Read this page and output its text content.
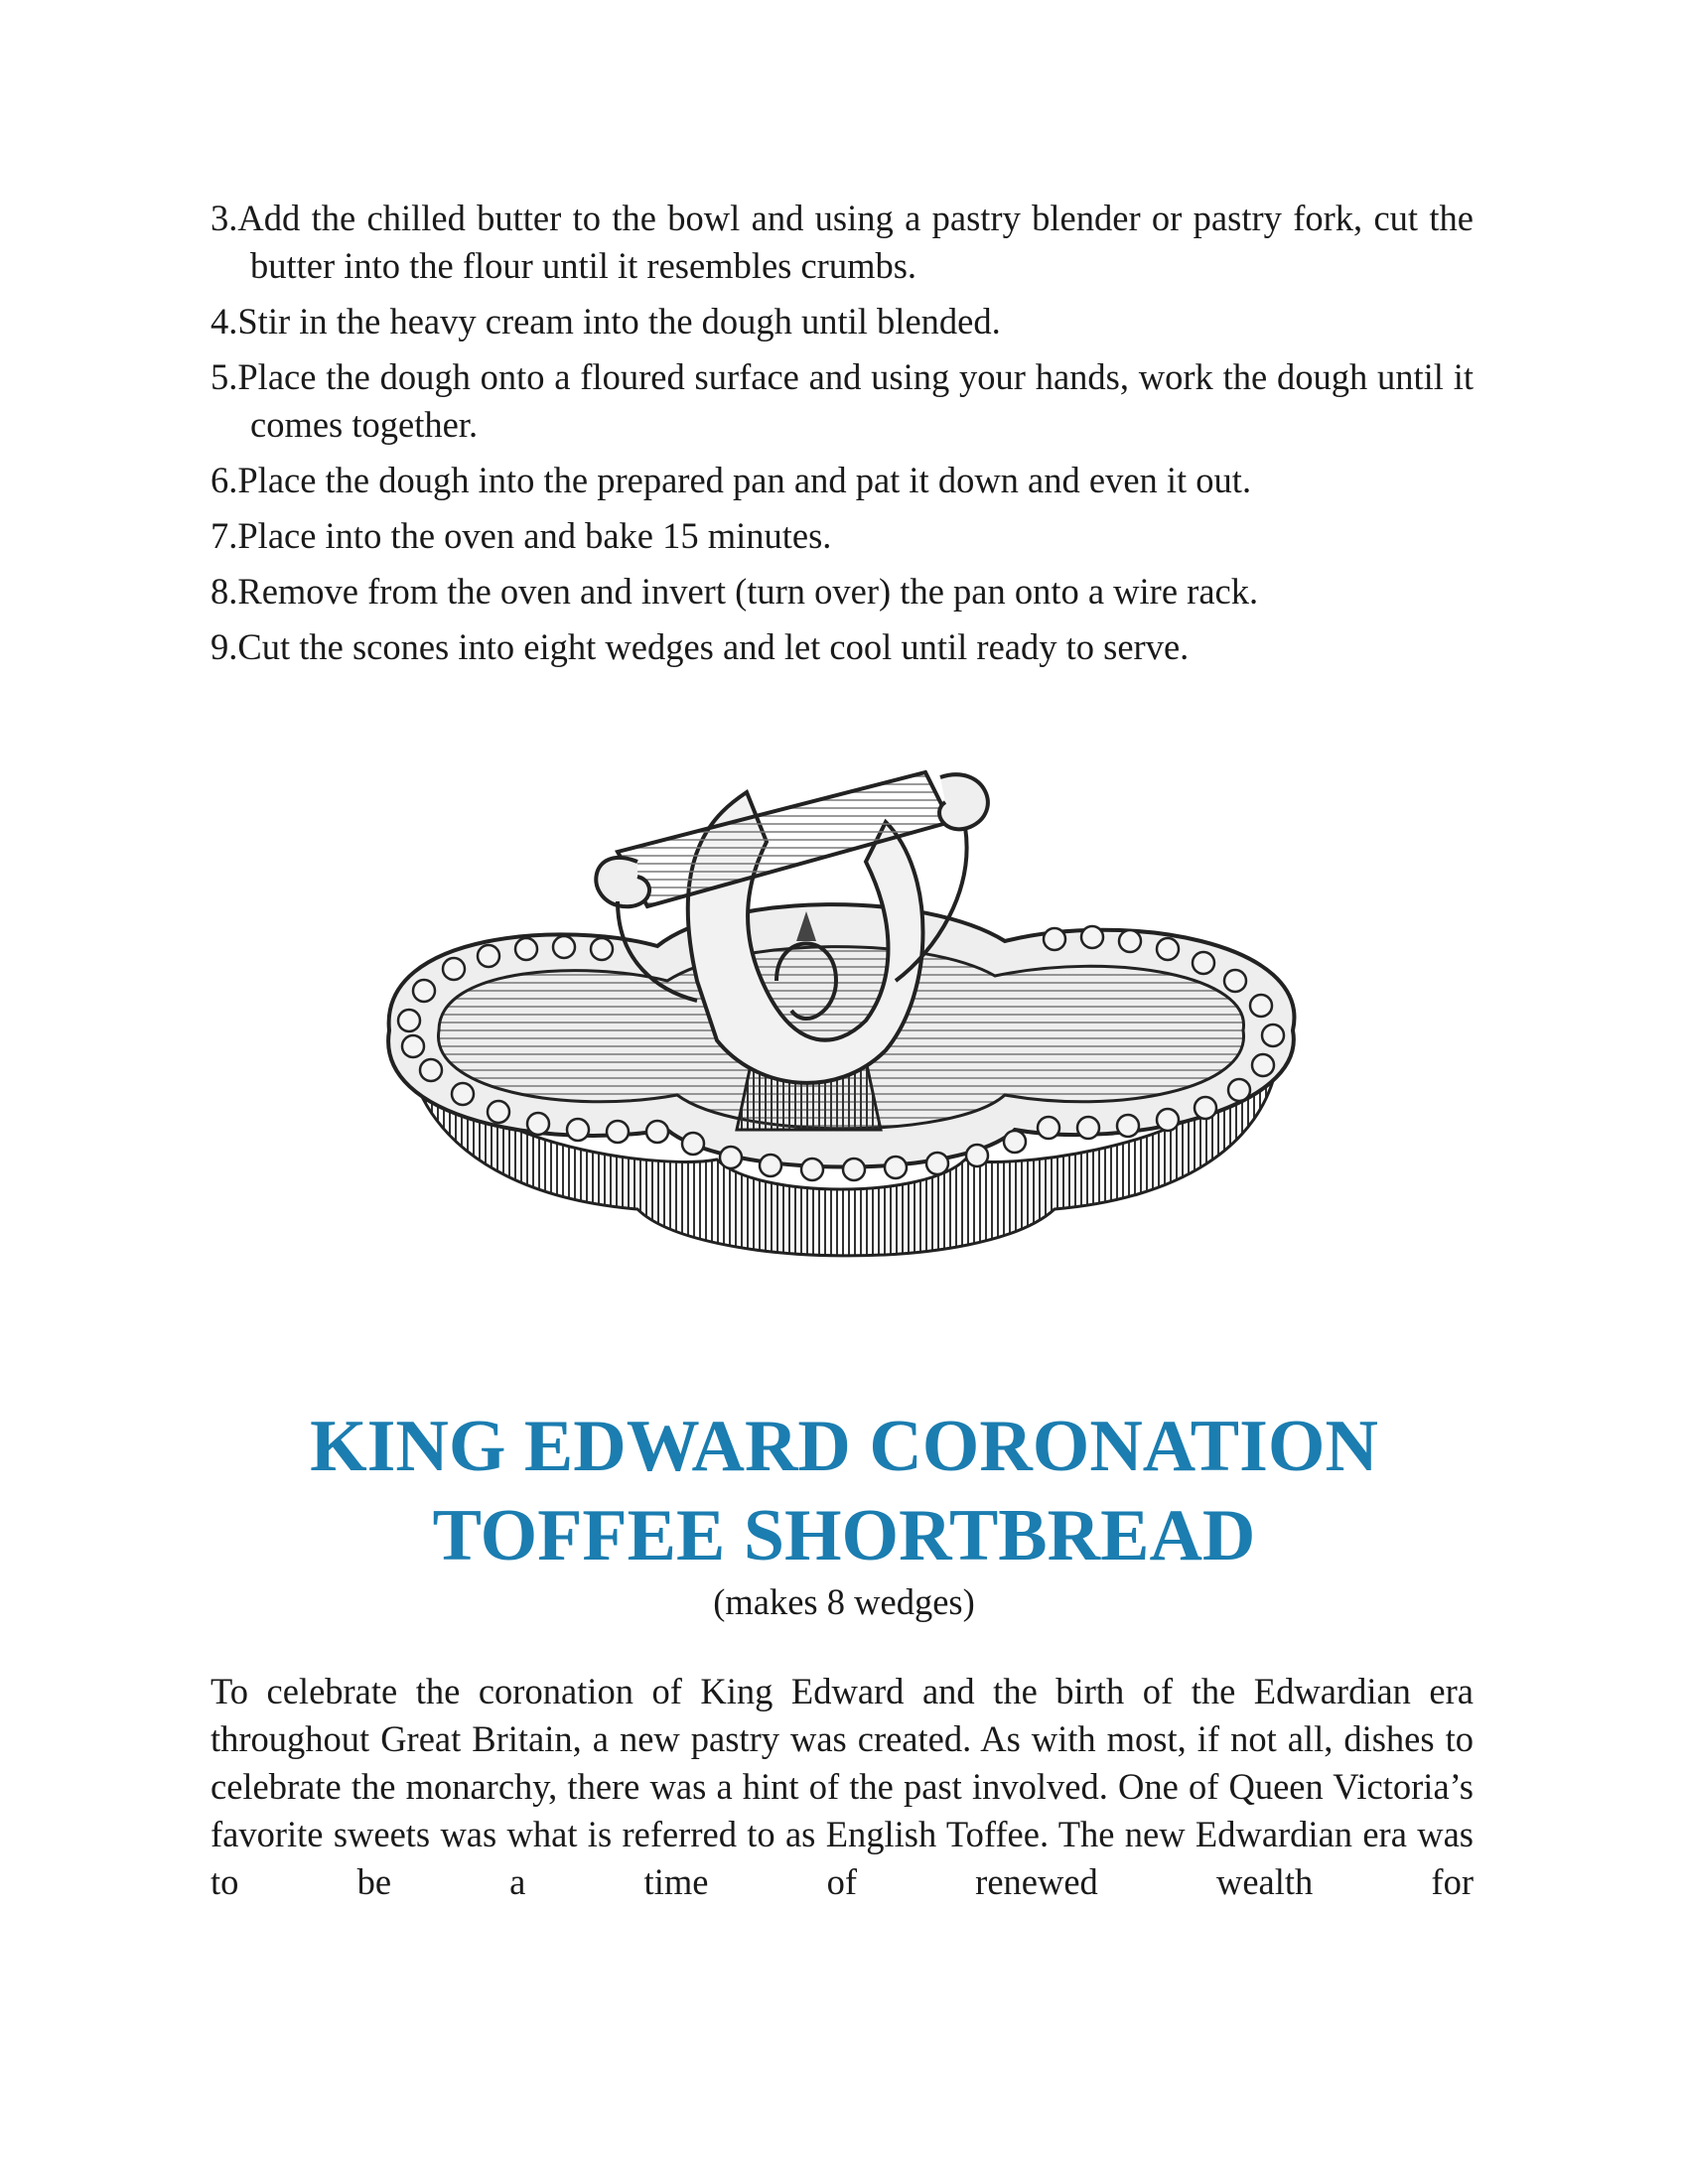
3.Add the chilled butter to the bowl and using a pastry blender or pastry fork, cut the butter into the flour until it resembles crumbs.
4.Stir in the heavy cream into the dough until blended.
5.Place the dough onto a floured surface and using your hands, work the dough until it comes together.
6.Place the dough into the prepared pan and pat it down and even it out.
7.Place into the oven and bake 15 minutes.
8.Remove from the oven and invert (turn over) the pan onto a wire rack.
9.Cut the scones into eight wedges and let cool until ready to serve.
KING EDWARD CORONATION
TOFFEE SHORTBREAD

(makes 8 wedges)

To celebrate the coronation of King Edward and the birth of the Edwardian era throughout Great Britain, a new pastry was created. As with most, if not all, dishes to celebrate the monarchy, there was a hint of the past involved. One of Queen Victoria’s favorite sweets was what is referred to as English Toffee. The new Edwardian era was to be a time of renewed wealth for
